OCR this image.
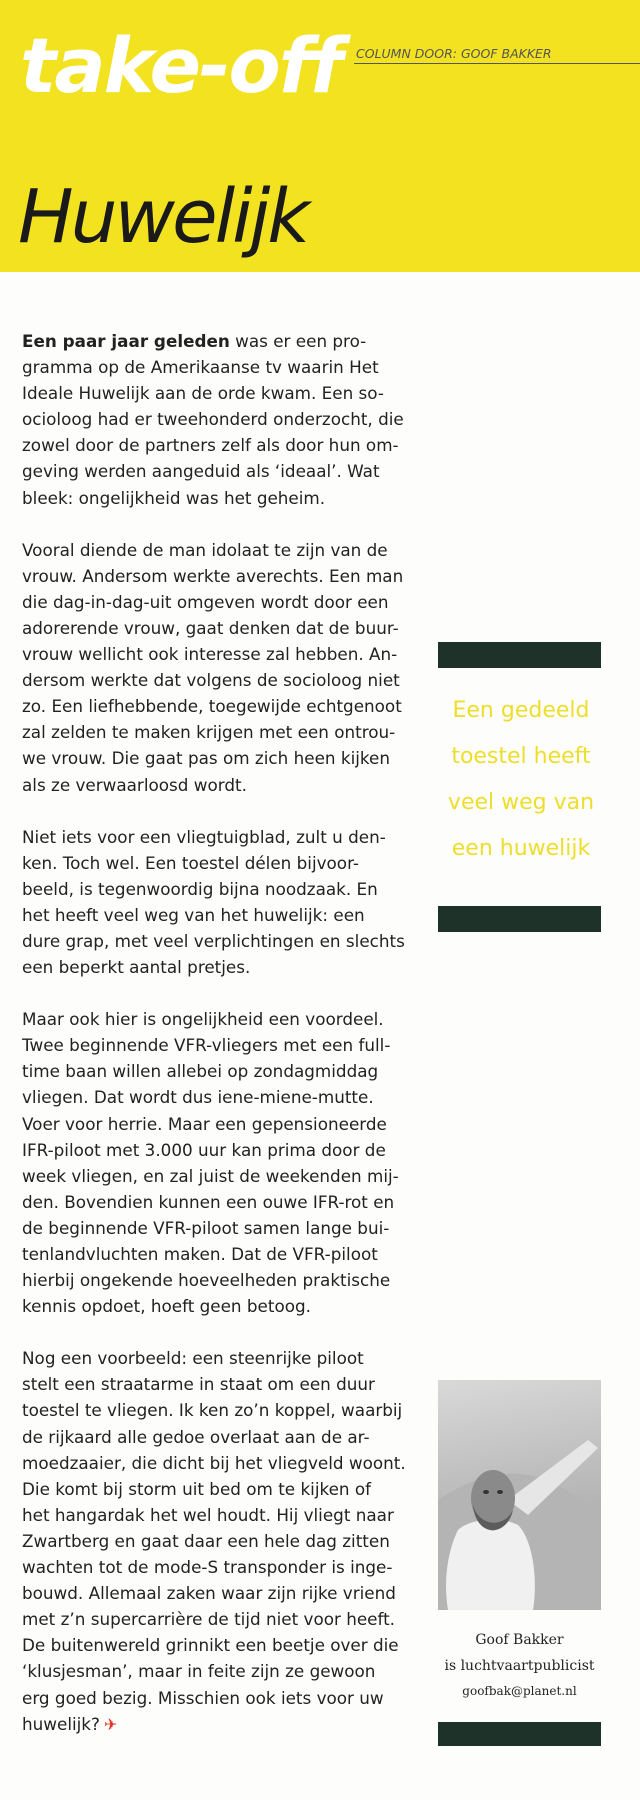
take-off COLUMN DOOR: GOOF BAKKER
Huwelijk

Een paar jaar geleden was er een pro-
gramma op de Amerikaanse tv waarin Het
Ideale Huwelijk aan de orde kwam. Een so-
ocioloog had er tweehonderd onderzocht, die
zowel door de partners zelf als door hun om-
geving werden aangeduid als ‘ideaal’. Wat
bleek: ongelijkheid was het geheim.

Vooral diende de man idolaat te zijn van de
vrouw. Andersom werkte averechts. Een man
die dag-in-dag-uit omgeven wordt door een
adorerende vrouw, gaat denken dat de buur-
vrouw wellicht ook interesse zal hebben. An-
dersom werkte dat volgens de socioloog niet
zo. Een liefhebbende, toegewijde echtgenoot
zal zelden te maken krijgen met een ontrou-
we vrouw. Die gaat pas om zich heen kijken
als ze verwaarloosd wordt.

Niet iets voor een vliegtuigblad, zult u den-
ken. Toch wel. Een toestel délen bijvoor-
beeld, is tegenwoordig bijna noodzaak. En
het heeft veel weg van het huwelijk: een
dure grap, met veel verplichtingen en slechts
een beperkt aantal pretjes.

Maar ook hier is ongelijkheid een voordeel.
Twee beginnende VFR-vliegers met een full-
time baan willen allebei op zondagmiddag
vliegen. Dat wordt dus iene-miene-mutte.
Voer voor herrie. Maar een gepensioneerde
IFR-piloot met 3.000 uur kan prima door de
week vliegen, en zal juist de weekenden mij-
den. Bovendien kunnen een ouwe IFR-rot en
de beginnende VFR-piloot samen lange bui-
tenlandvluchten maken. Dat de VFR-piloot
hierbij ongekende hoeveelheden praktische
kennis opdoet, hoeft geen betoog.

Nog een voorbeeld: een steenrijke piloot
stelt een straatarme in staat om een duur
toestel te vliegen. Ik ken zo’n koppel, waarbij
de rijkaard alle gedoe overlaat aan de ar-
moedzaaier, die dicht bij het vliegveld woont.
Die komt bij storm uit bed om te kijken of
het hangardak het wel houdt. Hij vliegt naar
Zwartberg en gaat daar een hele dag zitten
wachten tot de mode-S transponder is inge-
bouwd. Allemaal zaken waar zijn rijke vriend
met z’n supercarrière de tijd niet voor heeft.
De buitenwereld grinnikt een beetje over die
‘klusjesman’, maar in feite zijn ze gewoon
erg goed bezig. Misschien ook iets voor uw
huwelijk? ✈

Een gedeeld
toestel heeft
veel weg van
een huwelijk

Goof Bakker
is luchtvaartpublicist
goofbak@planet.nl
